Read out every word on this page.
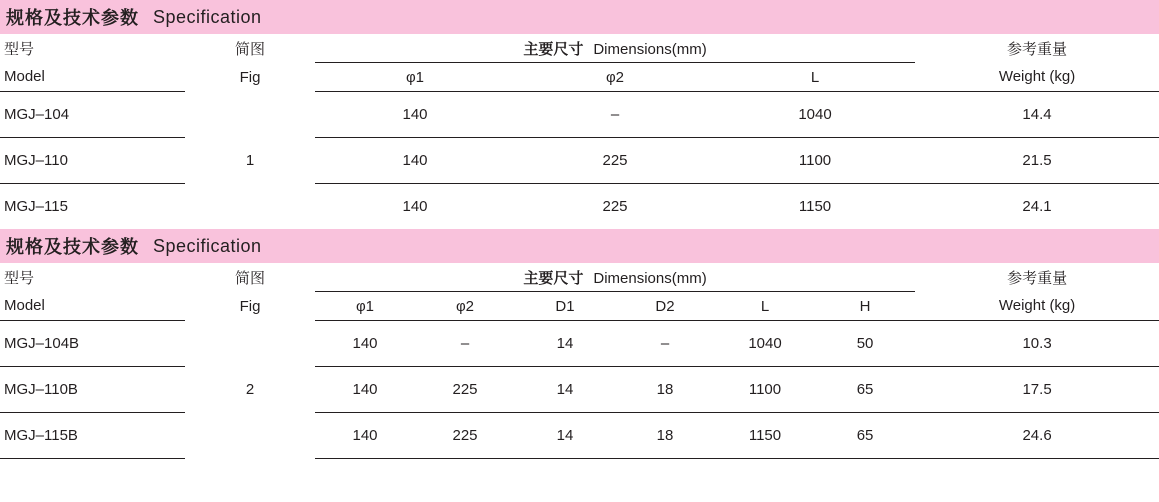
规格及技术参数 Specification
型号	简图	主要尺寸 Dimensions(mm)			参考重量
Model	Fig	φ1	φ2	L	Weight (kg)
MGJ–104	1	140	–	1040	14.4
MGJ–110		140	225	1100	21.5
MGJ–115		140	225	1150	24.1
规格及技术参数 Specification
型号	简图	主要尺寸 Dimensions(mm)						参考重量
Model	Fig	φ1	φ2	D1	D2	L	H	Weight (kg)
MGJ–104B	2	140	–	14	–	1040	50	10.3
MGJ–110B		140	225	14	18	1100	65	17.5
MGJ–115B		140	225	14	18	1150	65	24.6
